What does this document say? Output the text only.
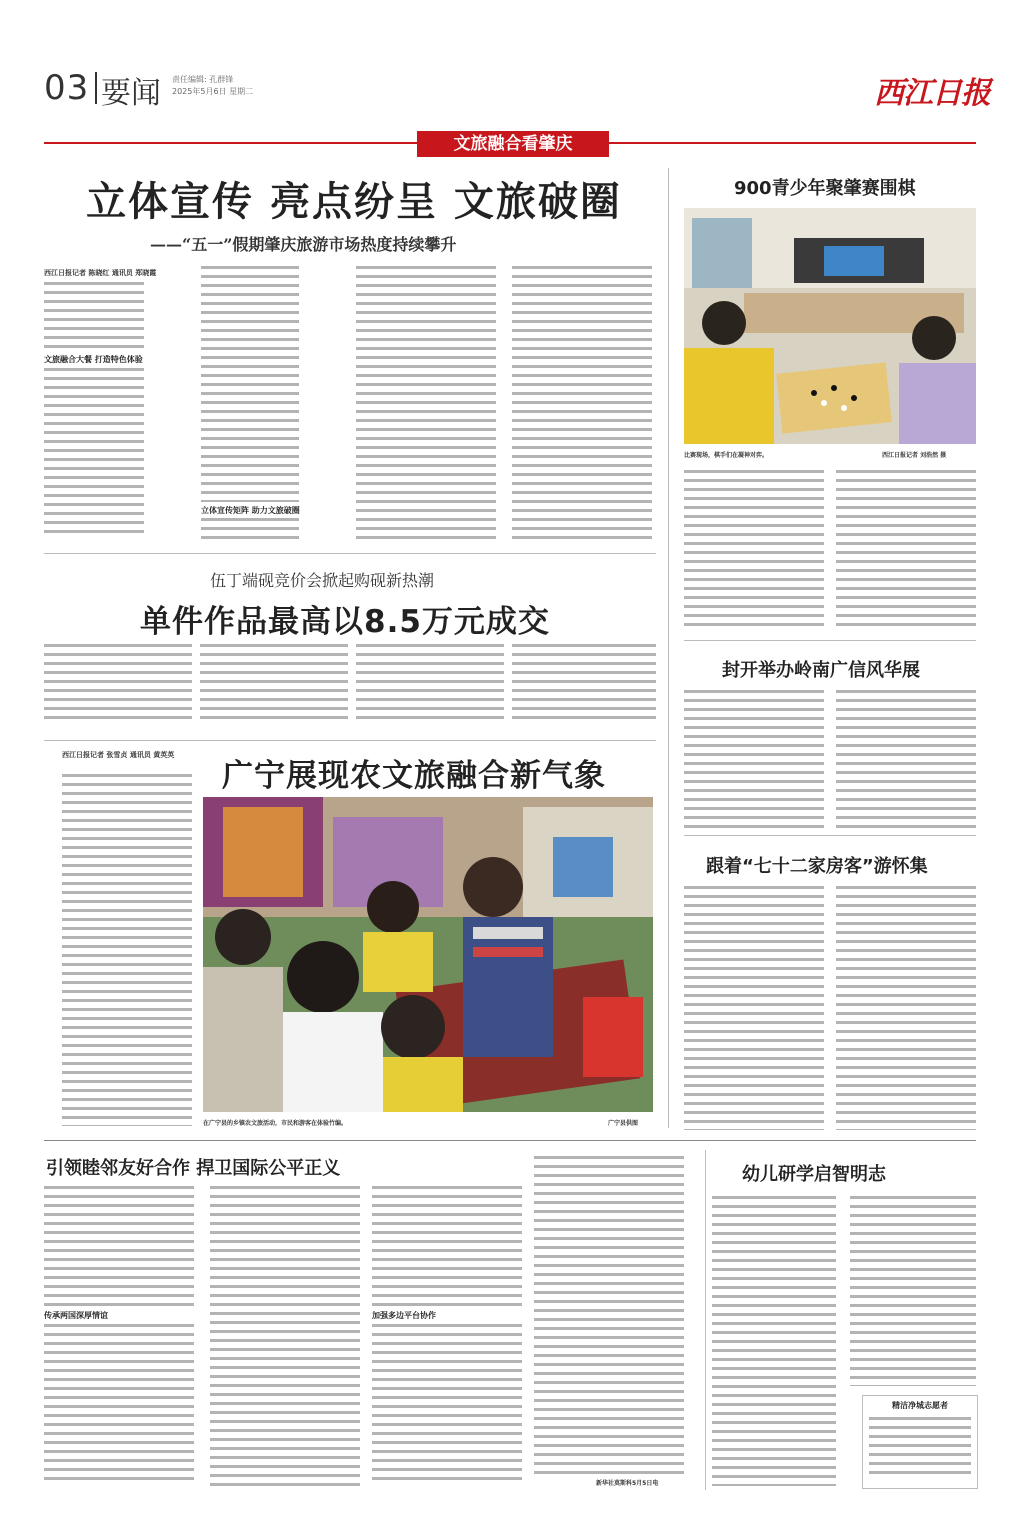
03 要闻 责任编辑: 孔群锋
2025年5月6日 星期二	西江日报
文旅融合看肇庆
立体宣传 亮点纷呈 文旅破圈
——“五一”假期肇庆旅游市场热度持续攀升
西江日报记者 陈晓红 通讯员 郑晓霞
文旅融合大餐 打造特色体验
立体宣传矩阵 助力文旅破圈
伍丁端砚竞价会掀起购砚新热潮
单件作品最高以8.5万元成交
西江日报记者 张雪贞 通讯员 黄英英
广宁展现农文旅融合新气象
在广宁县的乡镇农文旅活动，市民和游客在体验竹编。	广宁县供图
900青少年聚肇赛围棋
比赛现场，棋手们在凝神对弈。	西江日报记者 刘浩然 摄
封开举办岭南广信风华展
跟着“七十二家房客”游怀集
引领睦邻友好合作 捍卫国际公平正义
传承两国深厚情谊	加强多边平台协作
新华社莫斯科5月5日电
幼儿研学启智明志
精洁净城志愿者
